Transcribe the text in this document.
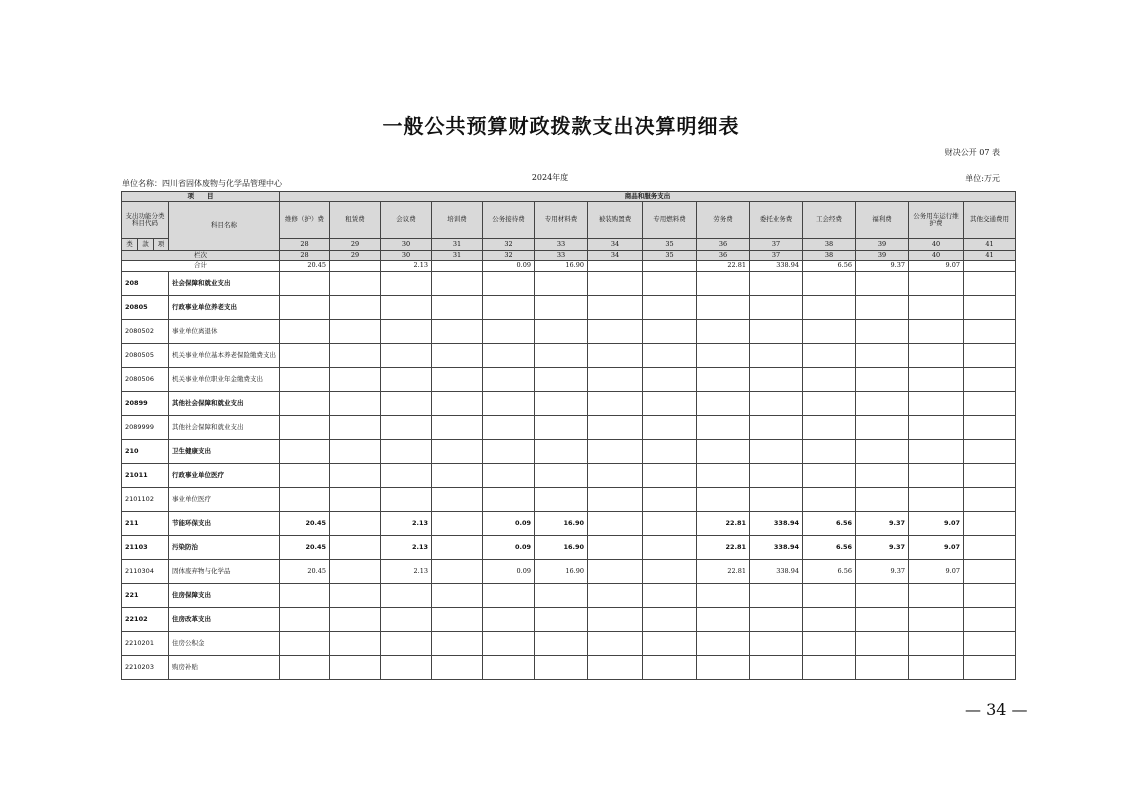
一般公共预算财政拨款支出决算明细表
财决公开 07 表
单位名称：四川省固体废物与化学品管理中心
2024年度	单位:万元
项　　目				商品和服务支出													
支出功能分类科目代码			科目名称	维修（护）费	租赁费	会议费	培训费	公务接待费	专用材料费	被装购置费	专用燃料费	劳务费	委托业务费	工会经费	福利费	公务用车运行维护费	其他交通费用
类	款	项		28	29	30	31	32	33	34	35	36	37	38	39	40	41
栏次				28	29	30	31	32	33	34	35	36	37	38	39	40	41
合计				20.45		2.13		0.09	16.90			22.81	338.94	6.56	9.37	9.07	
208			社会保障和就业支出														
20805			行政事业单位养老支出														
2080502			事业单位离退休														
2080505			机关事业单位基本养老保险缴费支出														
2080506			机关事业单位职业年金缴费支出														
20899			其他社会保障和就业支出														
2089999			其他社会保障和就业支出														
210			卫生健康支出														
21011			行政事业单位医疗														
2101102			事业单位医疗														
211			节能环保支出	20.45		2.13		0.09	16.90			22.81	338.94	6.56	9.37	9.07	
21103			污染防治	20.45		2.13		0.09	16.90			22.81	338.94	6.56	9.37	9.07	
2110304			固体废弃物与化学品	20.45		2.13		0.09	16.90			22.81	338.94	6.56	9.37	9.07	
221			住房保障支出														
22102			住房改革支出														
2210201			住房公积金														
2210203			购房补贴														
— 34 —
